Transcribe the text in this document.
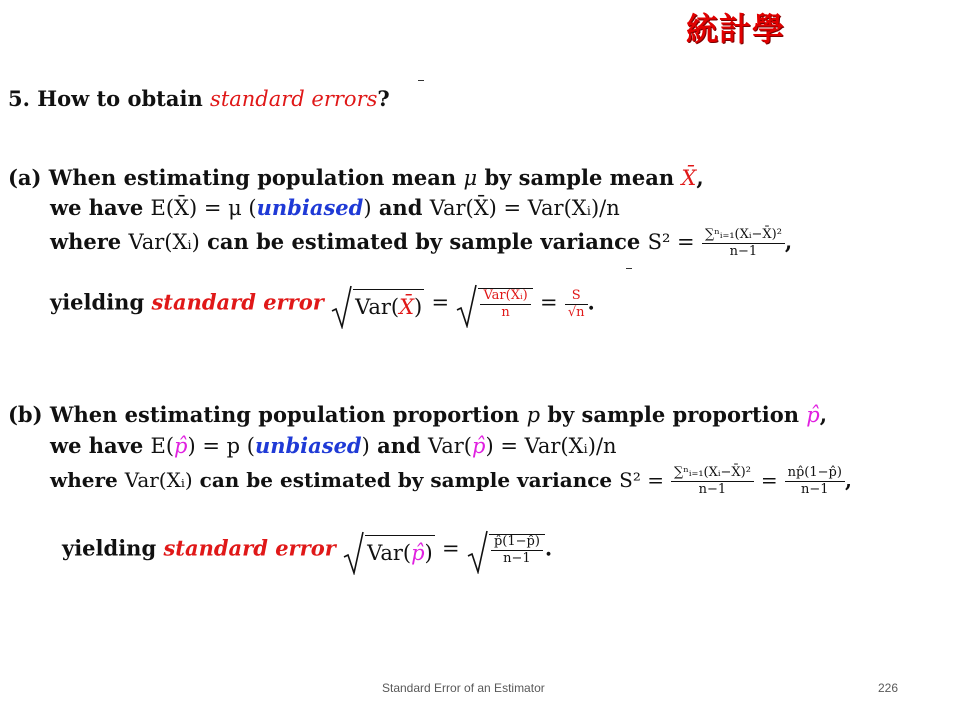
統計學
5. How to obtain standard errors?
(a) When estimating population mean μ by sample mean X̄,
we have E(X̄) = μ (unbiased) and Var(X̄) = Var(Xᵢ)/n
where Var(Xᵢ) can be estimated by sample variance $S^2 = \frac{\text{∑ⁿᵢ₌₁(Xᵢ−X̄)²}}{n-1}$ ,
yielding standard error Var(X̄) = $\frac{\text{Var(Xᵢ)}}{n} = \frac{S}{√n}$ .
(b) When estimating population proportion p by sample proportion p̂,
we have E(p̂) = p (unbiased) and Var(p̂) = Var(Xᵢ)/n
where Var(Xᵢ) can be estimated by sample variance $S^2 = \frac{\text{∑ⁿᵢ₌₁(Xᵢ−X̄)²}}{n-1} = \frac{np̂(1-p̂)}{n-1}$ ,
yielding standard error Var(p̂) = $\frac{p̂(1-p̂)}{n-1}$ .
Standard Error of an Estimator	226
